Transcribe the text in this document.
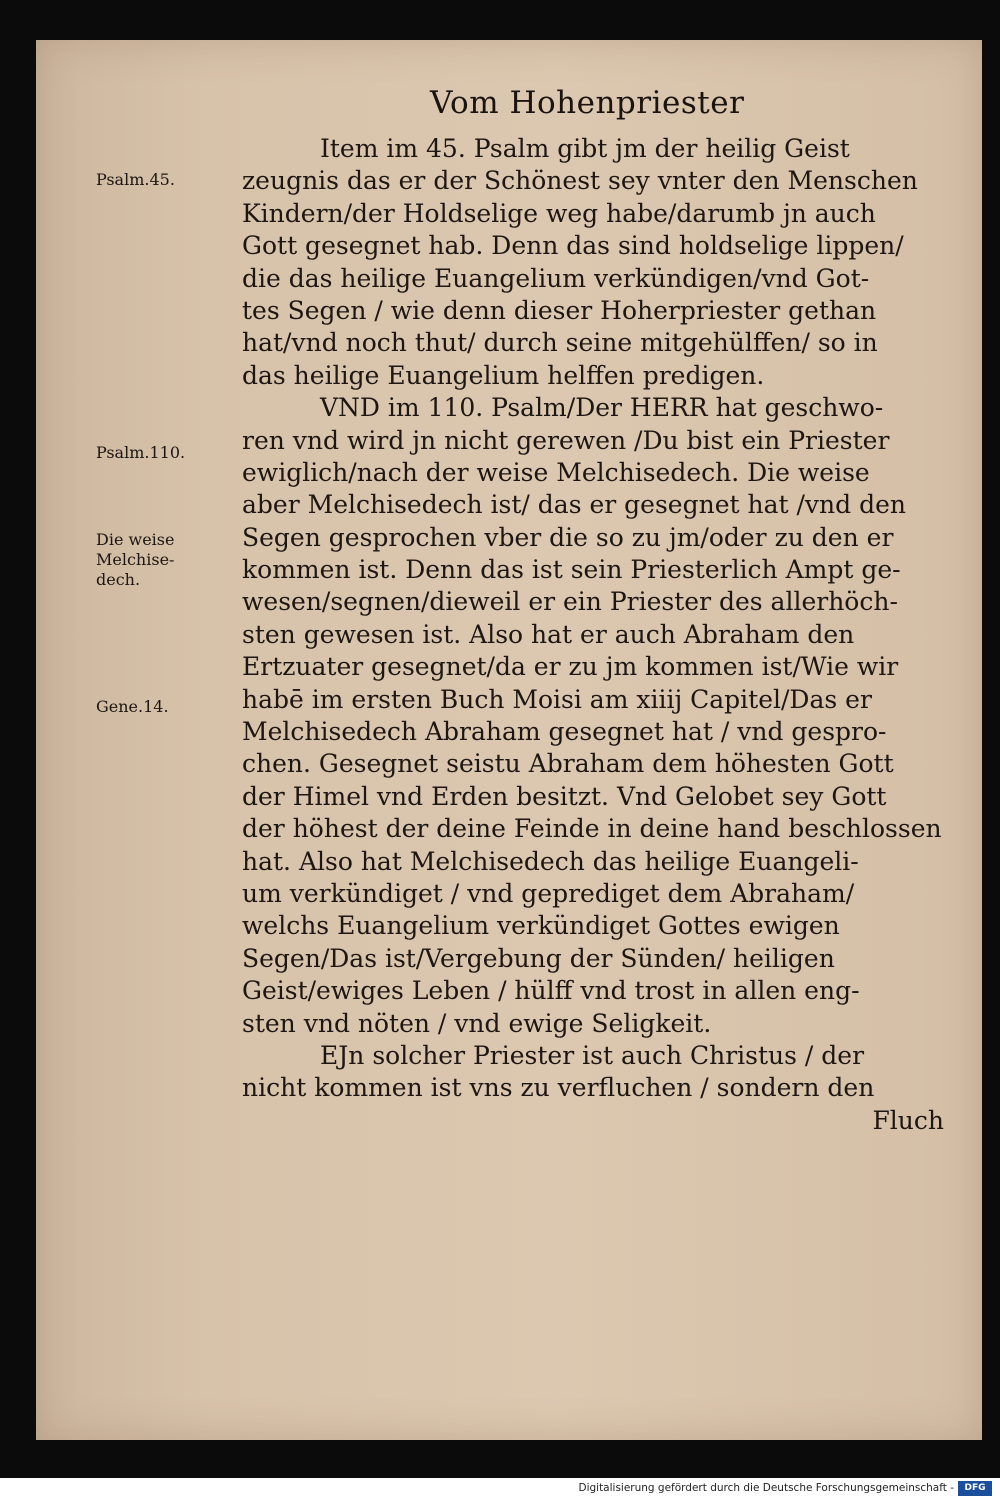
Vom Hohenpriester
Psalm.45.
Psalm.110.
Die weise
Melchise-
dech.
Gene.14.
Item im 45. Psalm gibt jm der heilig Geist
zeugnis das er der Schönest sey vnter den Menschen
Kindern/der Holdselige weg habe/darumb jn auch
Gott gesegnet hab. Denn das sind holdselige lippen/
die das heilige Euangelium verkündigen/vnd Got-
tes Segen / wie denn dieser Hoherpriester gethan
hat/vnd noch thut/ durch seine mitgehülffen/ so in
das heilige Euangelium helffen predigen.
VND im 110. Psalm/Der HERR hat geschwo-
ren vnd wird jn nicht gerewen /Du bist ein Priester
ewiglich/nach der weise Melchisedech. Die weise
aber Melchisedech ist/ das er gesegnet hat /vnd den
Segen gesprochen vber die so zu jm/oder zu den er
kommen ist. Denn das ist sein Priesterlich Ampt ge-
wesen/segnen/dieweil er ein Priester des allerhöch-
sten gewesen ist. Also hat er auch Abraham den
Ertzuater gesegnet/da er zu jm kommen ist/Wie wir
habē im ersten Buch Moisi am xiiij Capitel/Das er
Melchisedech Abraham gesegnet hat / vnd gespro-
chen. Gesegnet seistu Abraham dem höhesten Gott
der Himel vnd Erden besitzt. Vnd Gelobet sey Gott
der höhest der deine Feinde in deine hand beschlossen
hat. Also hat Melchisedech das heilige Euangeli-
um verkündiget / vnd geprediget dem Abraham/
welchs Euangelium verkündiget Gottes ewigen
Segen/Das ist/Vergebung der Sünden/ heiligen
Geist/ewiges Leben / hülff vnd trost in allen eng-
sten vnd nöten / vnd ewige Seligkeit.
EJn solcher Priester ist auch Christus / der
nicht kommen ist vns zu verfluchen / sondern den
Fluch
Digitalisierung gefördert durch die Deutsche Forschungsgemeinschaft -	DFG
